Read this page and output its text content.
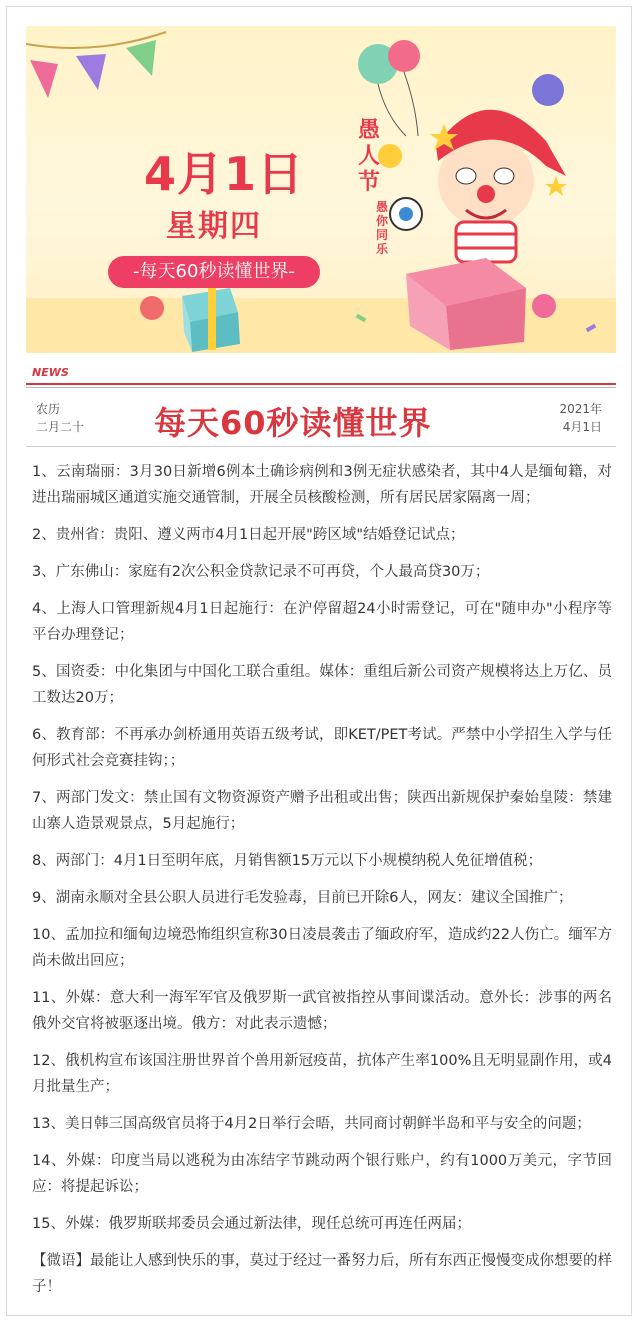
4月1日
星期四
-每天60秒读懂世界-
愚人节
愚你同乐
NEWS
农历
二月二十 每天60秒读懂世界	2021年
4月1日

1、云南瑞丽：3月30日新增6例本土确诊病例和3例无症状感染者，其中4人是缅甸籍，对进出瑞丽城区通道实施交通管制，开展全员核酸检测，所有居民居家隔离一周；

2、贵州省：贵阳、遵义两市4月1日起开展"跨区域"结婚登记试点；

3、广东佛山：家庭有2次公积金贷款记录不可再贷，个人最高贷30万；

4、上海人口管理新规4月1日起施行：在沪停留超24小时需登记，可在"随申办"小程序等平台办理登记；

5、国资委：中化集团与中国化工联合重组。媒体：重组后新公司资产规模将达上万亿、员工数达20万；

6、教育部：不再承办剑桥通用英语五级考试，即KET/PET考试。严禁中小学招生入学与任何形式社会竞赛挂钩；；

7、两部门发文：禁止国有文物资源资产赠予出租或出售；陕西出新规保护秦始皇陵：禁建山寨人造景观景点，5月起施行；

8、两部门：4月1日至明年底，月销售额15万元以下小规模纳税人免征增值税；

9、湖南永顺对全县公职人员进行毛发验毒，目前已开除6人，网友：建议全国推广；

10、孟加拉和缅甸边境恐怖组织宣称30日凌晨袭击了缅政府军，造成约22人伤亡。缅军方尚未做出回应；

11、外媒：意大利一海军军官及俄罗斯一武官被指控从事间谍活动。意外长：涉事的两名俄外交官将被驱逐出境。俄方：对此表示遗憾；

12、俄机构宣布该国注册世界首个兽用新冠疫苗，抗体产生率100%且无明显副作用，或4月批量生产；

13、美日韩三国高级官员将于4月2日举行会晤，共同商讨朝鲜半岛和平与安全的问题；

14、外媒：印度当局以逃税为由冻结字节跳动两个银行账户，约有1000万美元，字节回应：将提起诉讼；

15、外媒：俄罗斯联邦委员会通过新法律，现任总统可再连任两届；

【微语】最能让人感到快乐的事，莫过于经过一番努力后，所有东西正慢慢变成你想要的样子！
